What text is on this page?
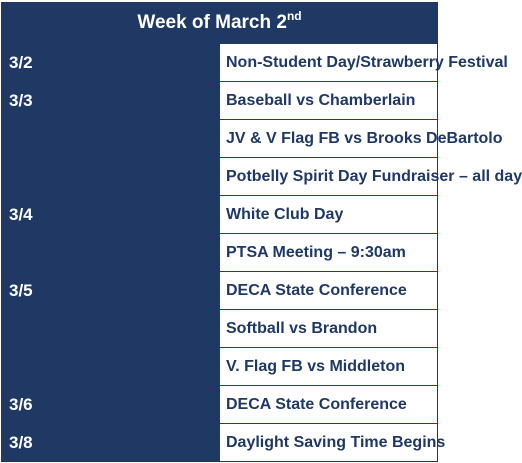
Week of March 2nd
3/2	Non-Student Day/Strawberry Festival
3/3	Baseball vs Chamberlain
	JV & V Flag FB vs Brooks DeBartolo
	Potbelly Spirit Day Fundraiser – all day
3/4	White Club Day
	PTSA Meeting – 9:30am
3/5	DECA State Conference
	Softball vs Brandon
	V. Flag FB vs Middleton
3/6	DECA State Conference
3/8	Daylight Saving Time Begins
